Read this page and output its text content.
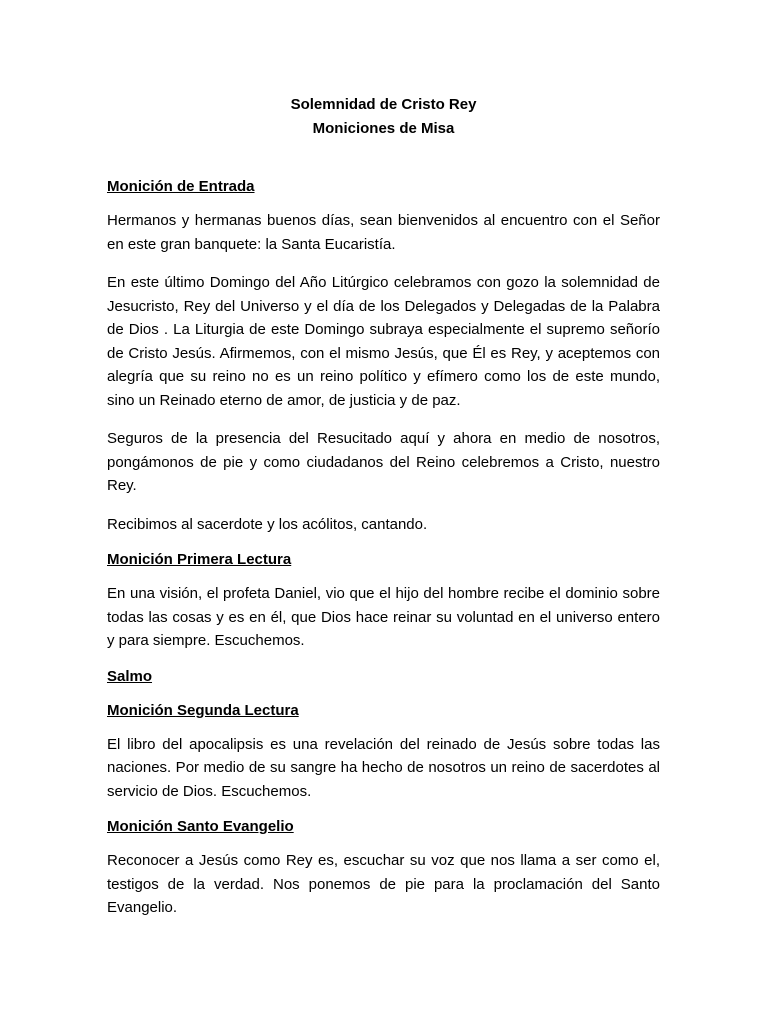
Solemnidad de Cristo Rey
Moniciones de Misa

Monición de Entrada

Hermanos y hermanas buenos días, sean bienvenidos al encuentro con el Señor en este gran banquete: la Santa Eucaristía.

En este último Domingo del Año Litúrgico celebramos con gozo la solemnidad de Jesucristo, Rey del Universo y el día de los Delegados y Delegadas de la Palabra de Dios . La Liturgia de este Domingo subraya especialmente el supremo señorío de Cristo Jesús. Afirmemos, con el mismo Jesús, que Él es Rey, y aceptemos con alegría que su reino no es un reino político y efímero como los de este mundo, sino un Reinado eterno de amor, de justicia y de paz.

Seguros de la presencia del Resucitado aquí y ahora en medio de nosotros, pongámonos de pie y como ciudadanos del Reino celebremos a Cristo, nuestro Rey.

Recibimos al sacerdote y los acólitos, cantando.

Monición Primera Lectura

En una visión, el profeta Daniel, vio que el hijo del hombre recibe el dominio sobre todas las cosas y es en él, que Dios hace reinar su voluntad en el universo entero y para siempre. Escuchemos.

Salmo

Monición Segunda Lectura

El libro del apocalipsis es una revelación del reinado de Jesús sobre todas las naciones. Por medio de su sangre ha hecho de nosotros un reino de sacerdotes al servicio de Dios. Escuchemos.

Monición Santo Evangelio

Reconocer a Jesús como Rey es, escuchar su voz que nos llama a ser como el, testigos de la verdad. Nos ponemos de pie para la proclamación del Santo Evangelio.
